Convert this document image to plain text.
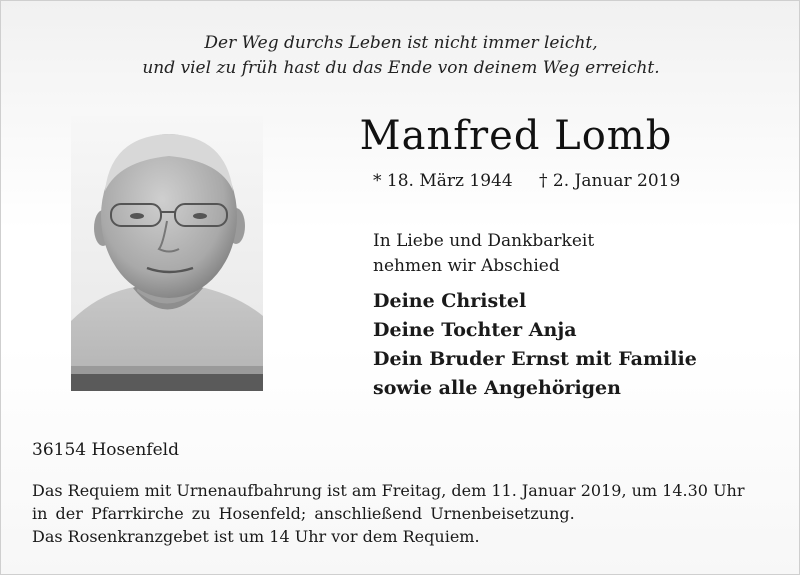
Der Weg durchs Leben ist nicht immer leicht,
und viel zu früh hast du das Ende von deinem Weg erreicht.
Manfred Lomb
* 18. März 1944 † 2. Januar 2019
In Liebe und Dankbarkeit
nehmen wir Abschied
Deine Christel
Deine Tochter Anja
Dein Bruder Ernst mit Familie
sowie alle Angehörigen
36154 Hosenfeld
Das Requiem mit Urnenaufbahrung ist am Freitag, dem 11. Januar 2019, um 14.30 Uhr
in der Pfarrkirche zu Hosenfeld; anschließend Urnenbeisetzung.
Das Rosenkranzgebet ist um 14 Uhr vor dem Requiem.
